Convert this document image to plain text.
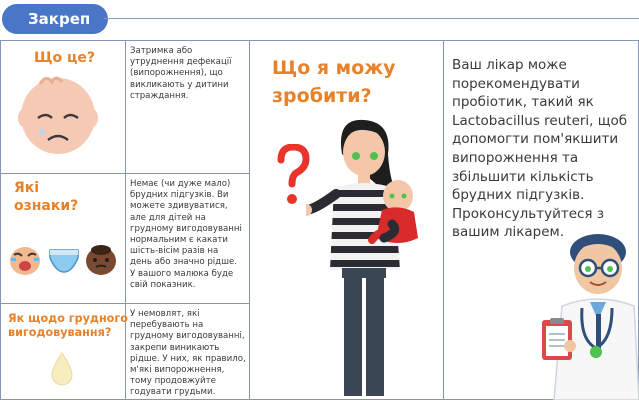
Закреп
Що це?	Затримка або утруднення дефекації (випорожнення), що викликають у дитини страждання.
Які
ознаки?
Немає (чи дуже мало) брудних підгузків. Ви можете здивуватися, але для дітей на грудному вигодовуванні нормальним є какати шість-вісім разів на день або значно рідше. У вашого малюка буде свій показник.
Як щодо грудного
вигодовування?
У немовлят, які перебувають на грудному вигодовуванні, закрепи виникають рідше. У них, як правило, м'які випорожнення, тому продовжуйте годувати грудьми.
Що я можу
зробити?
Ваш лікар може порекомендувати пробіотик, такий як Lactobacillus reuteri, щоб допомогти пом'якшити випорожнення та збільшити кількість брудних підгузків. Проконсультуйтеся з вашим лікарем.
